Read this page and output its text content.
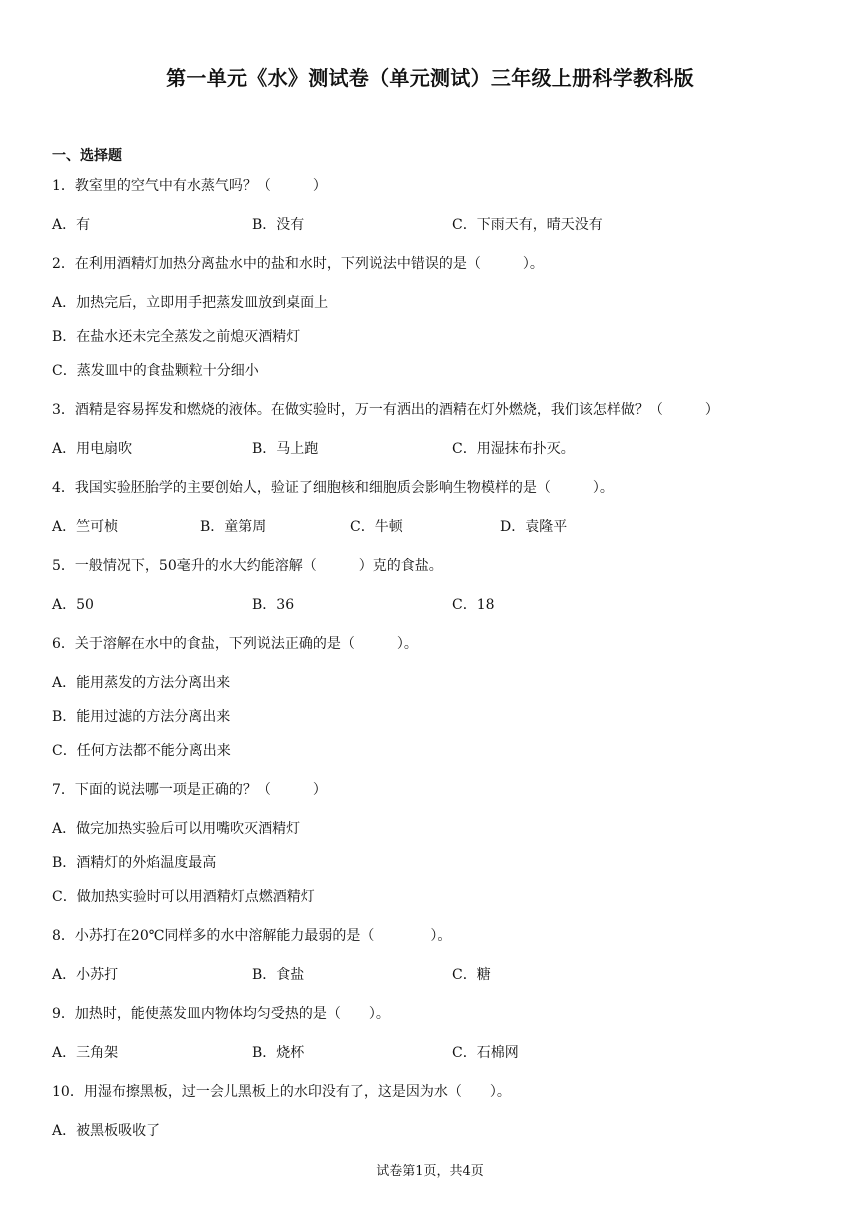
第一单元《水》测试卷（单元测试）三年级上册科学教科版
一、选择题
1．教室里的空气中有水蒸气吗？（　　　）
A．有	B．没有	C．下雨天有，晴天没有
2．在利用酒精灯加热分离盐水中的盐和水时，下列说法中错误的是（　　　）。
A．加热完后，立即用手把蒸发皿放到桌面上
B．在盐水还未完全蒸发之前熄灭酒精灯
C．蒸发皿中的食盐颗粒十分细小
3．酒精是容易挥发和燃烧的液体。在做实验时，万一有洒出的酒精在灯外燃烧，我们该怎样做？（　　　）
A．用电扇吹	B．马上跑	C．用湿抹布扑灭。
4．我国实验胚胎学的主要创始人，验证了细胞核和细胞质会影响生物模样的是（　　　）。
A．竺可桢	B．童第周	C．牛顿	D．袁隆平
5．一般情况下，50毫升的水大约能溶解（　　　）克的食盐。
A．50	B．36	C．18
6．关于溶解在水中的食盐，下列说法正确的是（　　　）。
A．能用蒸发的方法分离出来
B．能用过滤的方法分离出来
C．任何方法都不能分离出来
7．下面的说法哪一项是正确的？（　　　）
A．做完加热实验后可以用嘴吹灭酒精灯
B．酒精灯的外焰温度最高
C．做加热实验时可以用酒精灯点燃酒精灯
8．小苏打在20℃同样多的水中溶解能力最弱的是（　　　　）。
A．小苏打	B．食盐	C．糖
9．加热时，能使蒸发皿内物体均匀受热的是（　　）。
A．三角架	B．烧杯	C．石棉网
10．用湿布擦黑板，过一会儿黑板上的水印没有了，这是因为水（　　）。
A．被黑板吸收了
试卷第1页，共4页
